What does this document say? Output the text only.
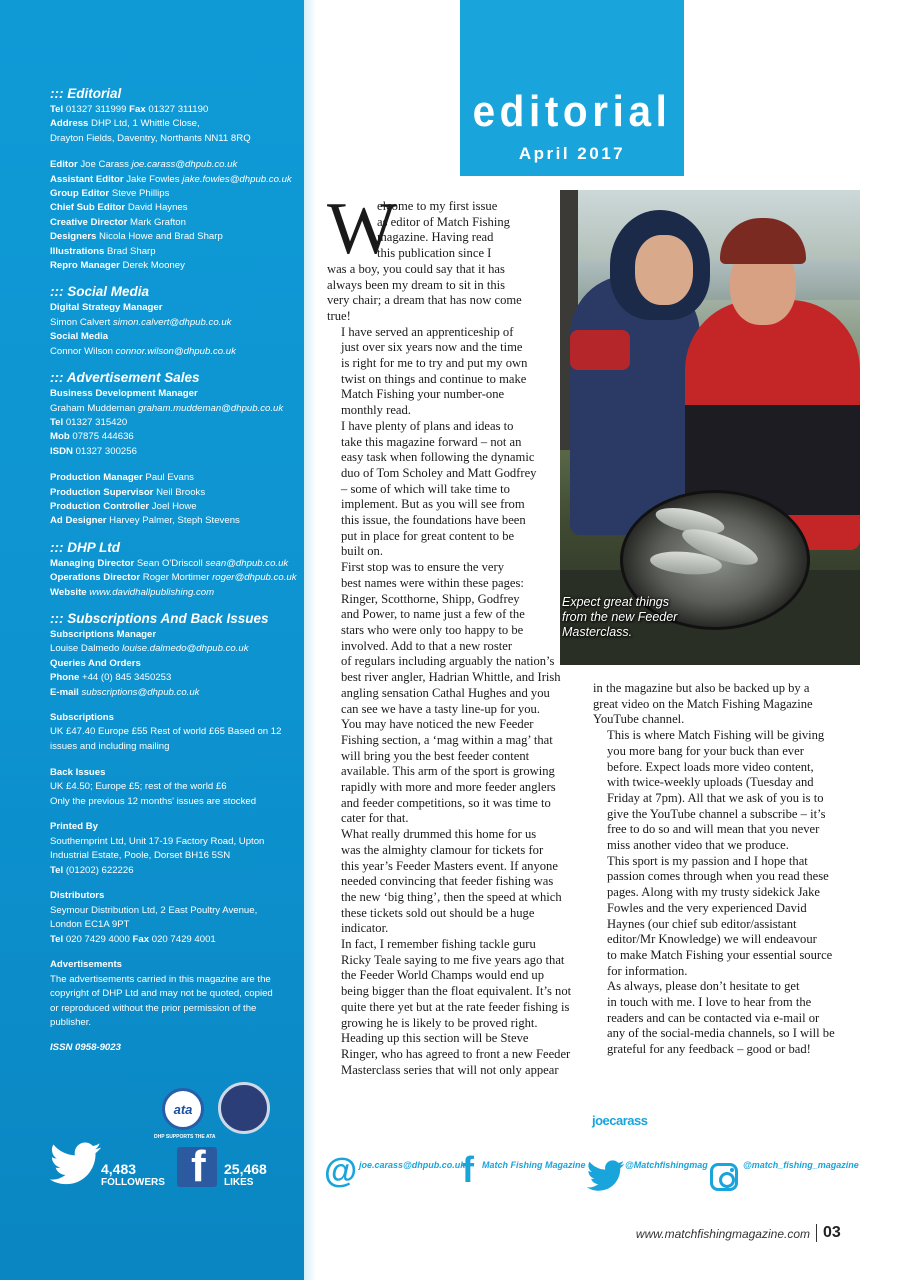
::: Editorial
Tel 01327 311999 Fax 01327 311190
Address DHP Ltd, 1 Whittle Close,
Drayton Fields, Daventry, Northants NN11 8RQ
Editor Joe Carass joe.carass@dhpub.co.uk
Assistant Editor Jake Fowles jake.fowles@dhpub.co.uk
Group Editor Steve Phillips
Chief Sub Editor David Haynes
Creative Director Mark Grafton
Designers Nicola Howe and Brad Sharp
Illustrations Brad Sharp
Repro Manager Derek Mooney
::: Social Media
Digital Strategy Manager
Simon Calvert simon.calvert@dhpub.co.uk
Social Media
Connor Wilson connor.wilson@dhpub.co.uk
::: Advertisement Sales
Business Development Manager
Graham Muddeman graham.muddeman@dhpub.co.uk
Tel 01327 315420
Mob 07875 444636
ISDN 01327 300256
Production Manager Paul Evans
Production Supervisor Neil Brooks
Production Controller Joel Howe
Ad Designer Harvey Palmer, Steph Stevens
::: DHP Ltd
Managing Director Sean O'Driscoll sean@dhpub.co.uk
Operations Director Roger Mortimer roger@dhpub.co.uk
Website www.davidhallpublishing.com
::: Subscriptions And Back Issues
Subscriptions Manager
Louise Dalmedo louise.dalmedo@dhpub.co.uk
Queries And Orders
Phone +44 (0) 845 3450253
E-mail subscriptions@dhpub.co.uk
Subscriptions
UK £47.40 Europe £55 Rest of world £65 Based on 12
issues and including mailing
Back Issues
UK £4.50; Europe £5; rest of the world £6
Only the previous 12 months' issues are stocked
Printed By
Southernprint Ltd, Unit 17-19 Factory Road, Upton
Industrial Estate, Poole, Dorset BH16 5SN
Tel (01202) 622226
Distributors
Seymour Distribution Ltd, 2 East Poultry Avenue,
London EC1A 9PT
Tel 020 7429 4000 Fax 020 7429 4001
Advertisements
The advertisements carried in this magazine are the
copyright of DHP Ltd and may not be quoted, copied
or reproduced without the prior permission of the
publisher.
ISSN 0958-9023
ata
DHP SUPPORTS THE ATA
4,483
FOLLOWERS f 25,468
LIKES
editorial
April 2017
Expect great things
from the new Feeder
Masterclass.
W

elcome to my first issue
as editor of Match Fishing
magazine. Having read
this publication since I
was a boy, you could say that it has
always been my dream to sit in this
very chair; a dream that has now come
true!

I have served an apprenticeship of
just over six years now and the time
is right for me to try and put my own
twist on things and continue to make
Match Fishing your number-one
monthly read.

I have plenty of plans and ideas to
take this magazine forward – not an
easy task when following the dynamic
duo of Tom Scholey and Matt Godfrey
– some of which will take time to
implement. But as you will see from
this issue, the foundations have been
put in place for great content to be
built on.

First stop was to ensure the very
best names were within these pages:
Ringer, Scotthorne, Shipp, Godfrey
and Power, to name just a few of the
stars who were only too happy to be
involved. Add to that a new roster
of regulars including arguably the nation’s
best river angler, Hadrian Whittle, and Irish
angling sensation Cathal Hughes and you
can see we have a tasty line-up for you.

You may have noticed the new Feeder
Fishing section, a ‘mag within a mag’ that
will bring you the best feeder content
available. This arm of the sport is growing
rapidly with more and more feeder anglers
and feeder competitions, so it was time to
cater for that.

What really drummed this home for us
was the almighty clamour for tickets for
this year’s Feeder Masters event. If anyone
needed convincing that feeder fishing was
the new ‘big thing’, then the speed at which
these tickets sold out should be a huge
indicator.

In fact, I remember fishing tackle guru
Ricky Teale saying to me five years ago that
the Feeder World Champs would end up
being bigger than the float equivalent. It’s not
quite there yet but at the rate feeder fishing is
growing he is likely to be proved right.

Heading up this section will be Steve
Ringer, who has agreed to front a new Feeder
Masterclass series that will not only appear

in the magazine but also be backed up by a
great video on the Match Fishing Magazine
YouTube channel.

This is where Match Fishing will be giving
you more bang for your buck than ever
before. Expect loads more video content,
with twice-weekly uploads (Tuesday and
Friday at 7pm). All that we ask of you is to
give the YouTube channel a subscribe – it’s
free to do so and will mean that you never
miss another video that we produce.

This sport is my passion and I hope that
passion comes through when you read these
pages. Along with my trusty sidekick Jake
Fowles and the very experienced David
Haynes (our chief sub editor/assistant
editor/Mr Knowledge) we will endeavour
to make Match Fishing your essential source
for information.

As always, please don’t hesitate to get
in touch with me. I love to hear from the
readers and can be contacted via e-mail or
any of the social-media channels, so I will be
grateful for any feedback – good or bad!

joecarass
@ joe.carass@dhpub.co.uk
f Match Fishing Magazine	@Matchfishingmag	@match_fishing_magazine
www.matchfishingmagazine.com 03
